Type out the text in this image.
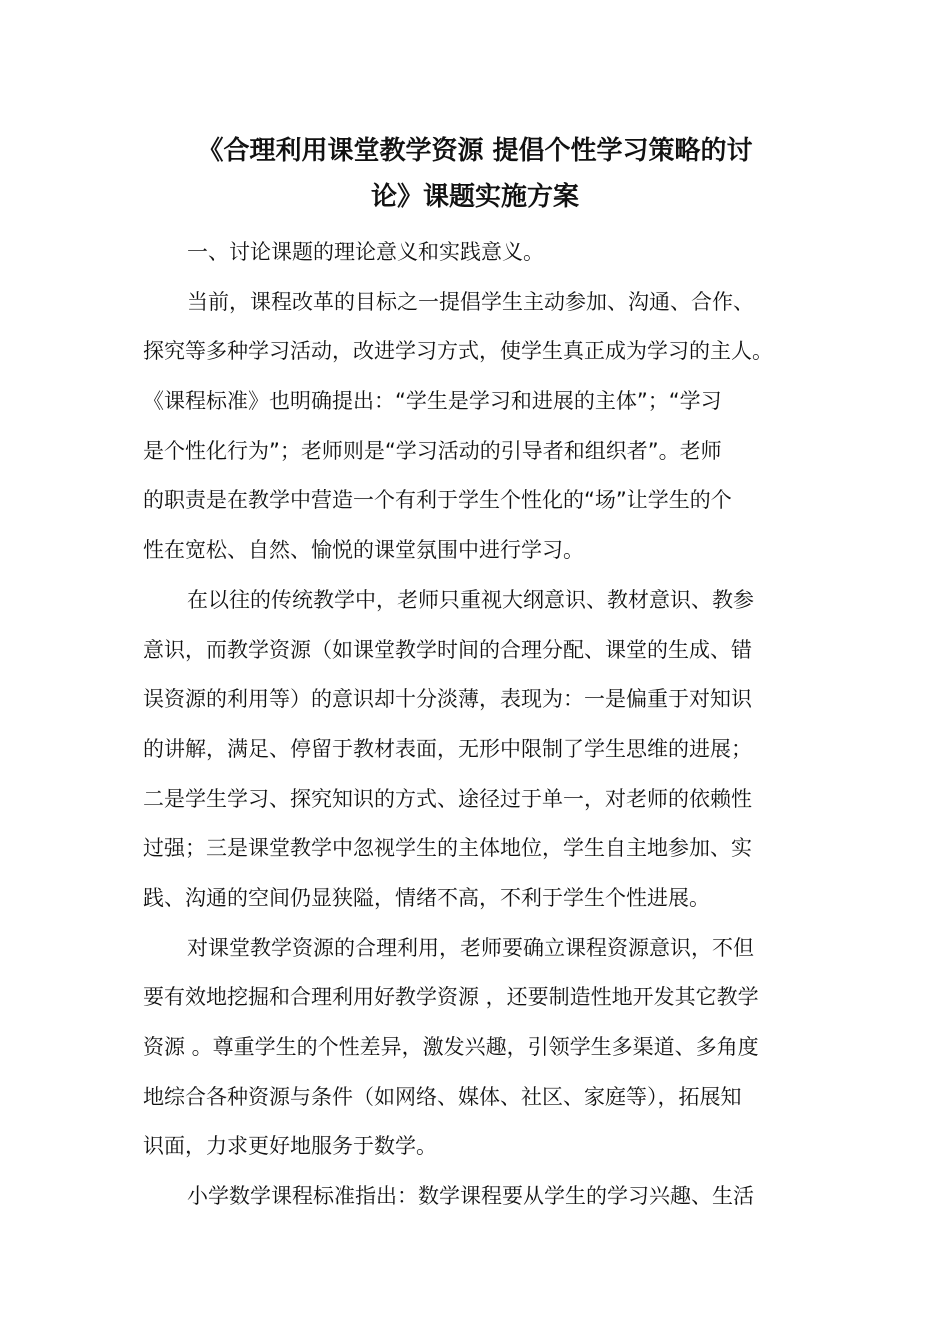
《合理利用课堂教学资源 提倡个性学习策略的讨
论》课题实施方案
一、讨论课题的理论意义和实践意义。
当前，课程改革的目标之一提倡学生主动参加、沟通、合作、
探究等多种学习活动，改进学习方式，使学生真正成为学习的主人。
《课程标准》也明确提出：“学生是学习和进展的主体”；“学习
是个性化行为”；老师则是“学习活动的引导者和组织者”。老师
的职责是在教学中营造一个有利于学生个性化的“场”让学生的个
性在宽松、自然、愉悦的课堂氛围中进行学习。
在以往的传统教学中，老师只重视大纲意识、教材意识、教参
意识，而教学资源（如课堂教学时间的合理分配、课堂的生成、错
误资源的利用等）的意识却十分淡薄，表现为：一是偏重于对知识
的讲解，满足、停留于教材表面，无形中限制了学生思维的进展；
二是学生学习、探究知识的方式、途径过于单一，对老师的依赖性
过强；三是课堂教学中忽视学生的主体地位，学生自主地参加、实
践、沟通的空间仍显狭隘，情绪不高，不利于学生个性进展。
对课堂教学资源的合理利用，老师要确立课程资源意识，不但
要有效地挖掘和合理利用好教学资源 ，还要制造性地开发其它教学
资源 。尊重学生的个性差异，激发兴趣，引领学生多渠道、多角度
地综合各种资源与条件（如网络、媒体、社区、家庭等），拓展知
识面，力求更好地服务于数学。
小学数学课程标准指出：数学课程要从学生的学习兴趣、生活
